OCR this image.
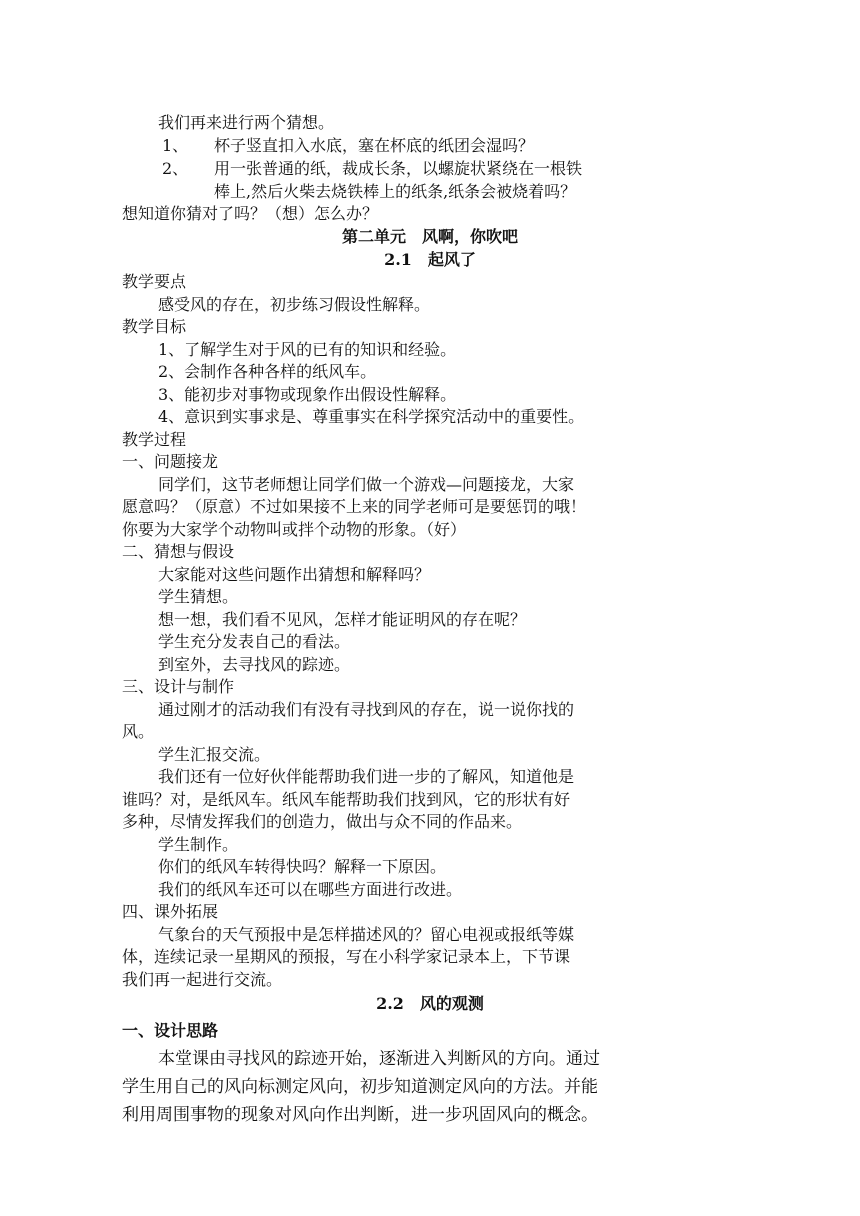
我们再来进行两个猜想。
1、 杯子竖直扣入水底，塞在杯底的纸团会湿吗？
2、 用一张普通的纸，裁成长条，以螺旋状紧绕在一根铁
棒上,然后火柴去烧铁棒上的纸条,纸条会被烧着吗？
想知道你猜对了吗？（想）怎么办？
第二单元　风啊，你吹吧
2.1　起风了
教学要点
感受风的存在，初步练习假设性解释。
教学目标
1、了解学生对于风的已有的知识和经验。
2、会制作各种各样的纸风车。
3、能初步对事物或现象作出假设性解释。
4、意识到实事求是、尊重事实在科学探究活动中的重要性。
教学过程
一、问题接龙
同学们，这节老师想让同学们做一个游戏—问题接龙，大家
愿意吗？（原意）不过如果接不上来的同学老师可是要惩罚的哦！
你要为大家学个动物叫或拌个动物的形象。（好）
二、猜想与假设
大家能对这些问题作出猜想和解释吗？
学生猜想。
想一想，我们看不见风，怎样才能证明风的存在呢？
学生充分发表自己的看法。
到室外，去寻找风的踪迹。
三、设计与制作
通过刚才的活动我们有没有寻找到风的存在，说一说你找的
风。
学生汇报交流。
我们还有一位好伙伴能帮助我们进一步的了解风，知道他是
谁吗？对，是纸风车。纸风车能帮助我们找到风，它的形状有好
多种，尽情发挥我们的创造力，做出与众不同的作品来。
学生制作。
你们的纸风车转得快吗？解释一下原因。
我们的纸风车还可以在哪些方面进行改进。
四、课外拓展
气象台的天气预报中是怎样描述风的？留心电视或报纸等媒
体，连续记录一星期风的预报，写在小科学家记录本上，下节课
我们再一起进行交流。
2.2　风的观测
一、设计思路
本堂课由寻找风的踪迹开始，逐渐进入判断风的方向。通过
学生用自己的风向标测定风向，初步知道测定风向的方法。并能
利用周围事物的现象对风向作出判断，进一步巩固风向的概念。
